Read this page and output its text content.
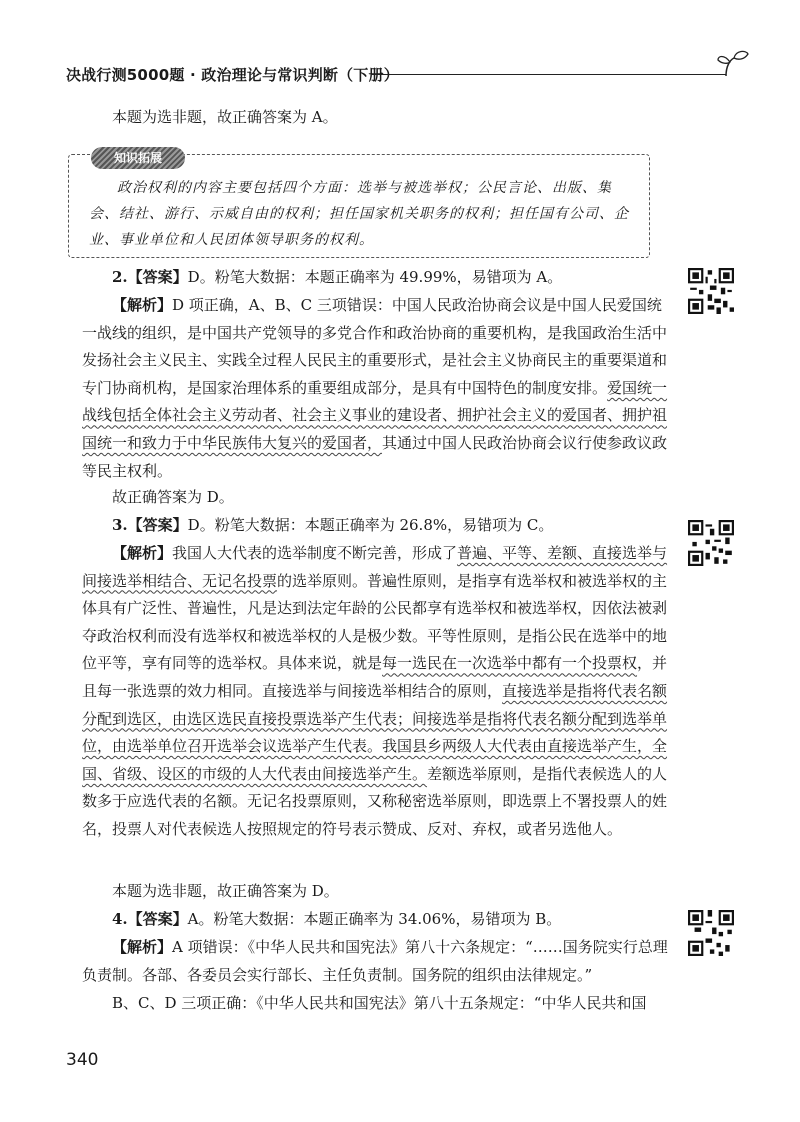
决战行测5000题 · 政治理论与常识判断（下册）
本题为选非题，故正确答案为 A。
知识拓展
政治权利的内容主要包括四个方面：选举与被选举权；公民言论、出版、集会、结社、游行、示威自由的权利；担任国家机关职务的权利；担任国有公司、企业、事业单位和人民团体领导职务的权利。
2.【答案】D。粉笔大数据：本题正确率为 49.99%，易错项为 A。
【解析】D 项正确，A、B、C 三项错误：中国人民政治协商会议是中国人民爱国统一战线的组织，是中国共产党领导的多党合作和政治协商的重要机构，是我国政治生活中发扬社会主义民主、实践全过程人民民主的重要形式，是社会主义协商民主的重要渠道和专门协商机构，是国家治理体系的重要组成部分，是具有中国特色的制度安排。爱国统一战线包括全体社会主义劳动者、社会主义事业的建设者、拥护社会主义的爱国者、拥护祖国统一和致力于中华民族伟大复兴的爱国者，其通过中国人民政治协商会议行使参政议政等民主权利。
故正确答案为 D。
3.【答案】D。粉笔大数据：本题正确率为 26.8%，易错项为 C。
【解析】我国人大代表的选举制度不断完善，形成了普遍、平等、差额、直接选举与间接选举相结合、无记名投票的选举原则。普遍性原则，是指享有选举权和被选举权的主体具有广泛性、普遍性，凡是达到法定年龄的公民都享有选举权和被选举权，因依法被剥夺政治权利而没有选举权和被选举权的人是极少数。平等性原则，是指公民在选举中的地位平等，享有同等的选举权。具体来说，就是每一选民在一次选举中都有一个投票权，并且每一张选票的效力相同。直接选举与间接选举相结合的原则，直接选举是指将代表名额分配到选区，由选区选民直接投票选举产生代表；间接选举是指将代表名额分配到选举单位，由选举单位召开选举会议选举产生代表。我国县乡两级人大代表由直接选举产生，全国、省级、设区的市级的人大代表由间接选举产生。差额选举原则，是指代表候选人的人数多于应选代表的名额。无记名投票原则，又称秘密选举原则，即选票上不署投票人的姓名，投票人对代表候选人按照规定的符号表示赞成、反对、弃权，或者另选他人。
本题为选非题，故正确答案为 D。
4.【答案】A。粉笔大数据：本题正确率为 34.06%，易错项为 B。
【解析】A 项错误：《中华人民共和国宪法》第八十六条规定：“……国务院实行总理负责制。各部、各委员会实行部长、主任负责制。国务院的组织由法律规定。”
B、C、D 三项正确：《中华人民共和国宪法》第八十五条规定：“中华人民共和国
340
